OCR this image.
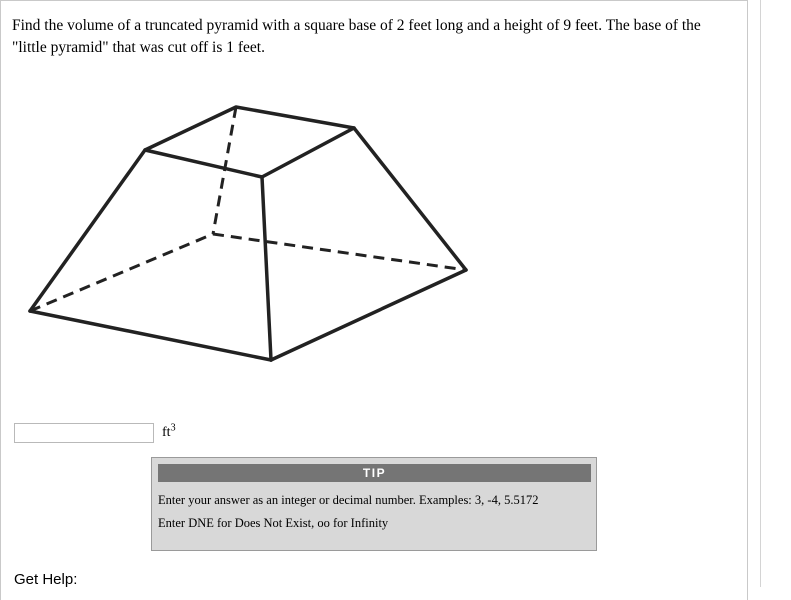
Find the volume of a truncated pyramid with a square base of 2 feet long and a height of 9 feet. The base of the "little pyramid" that was cut off is 1 feet.
$ft^3$
TIP
Enter your answer as an integer or decimal number. Examples: 3, -4, 5.5172
Enter DNE for Does Not Exist, oo for Infinity
Get Help:
